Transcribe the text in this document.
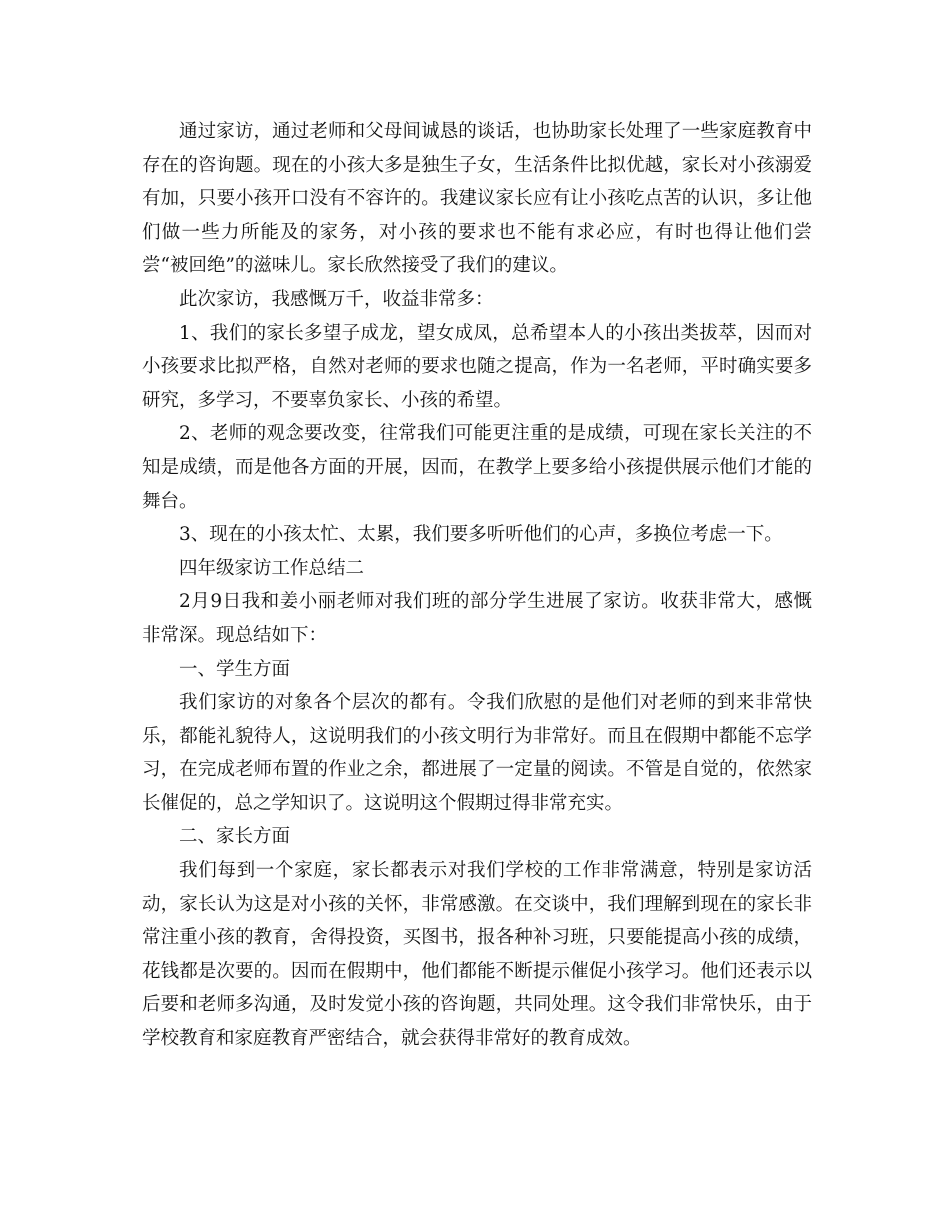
通过家访，通过老师和父母间诚恳的谈话，也协助家长处理了一些家庭教育中存在的咨询题。现在的小孩大多是独生子女，生活条件比拟优越，家长对小孩溺爱有加，只要小孩开口没有不容许的。我建议家长应有让小孩吃点苦的认识，多让他们做一些力所能及的家务，对小孩的要求也不能有求必应，有时也得让他们尝尝“被回绝”的滋味儿。家长欣然接受了我们的建议。

此次家访，我感慨万千，收益非常多：

1、我们的家长多望子成龙，望女成凤，总希望本人的小孩出类拔萃，因而对小孩要求比拟严格，自然对老师的要求也随之提高，作为一名老师，平时确实要多研究，多学习，不要辜负家长、小孩的希望。

2、老师的观念要改变，往常我们可能更注重的是成绩，可现在家长关注的不知是成绩，而是他各方面的开展，因而，在教学上要多给小孩提供展示他们才能的舞台。

3、现在的小孩太忙、太累，我们要多听听他们的心声，多换位考虑一下。

四年级家访工作总结二

2月9日我和姜小丽老师对我们班的部分学生进展了家访。收获非常大，感慨非常深。现总结如下：

一、学生方面

我们家访的对象各个层次的都有。令我们欣慰的是他们对老师的到来非常快乐，都能礼貌待人，这说明我们的小孩文明行为非常好。而且在假期中都能不忘学习，在完成老师布置的作业之余，都进展了一定量的阅读。不管是自觉的，依然家长催促的，总之学知识了。这说明这个假期过得非常充实。

二、家长方面

我们每到一个家庭，家长都表示对我们学校的工作非常满意，特别是家访活动，家长认为这是对小孩的关怀，非常感激。在交谈中，我们理解到现在的家长非常注重小孩的教育，舍得投资，买图书，报各种补习班，只要能提高小孩的成绩，花钱都是次要的。因而在假期中，他们都能不断提示催促小孩学习。他们还表示以后要和老师多沟通，及时发觉小孩的咨询题，共同处理。这令我们非常快乐，由于学校教育和家庭教育严密结合，就会获得非常好的教育成效。
